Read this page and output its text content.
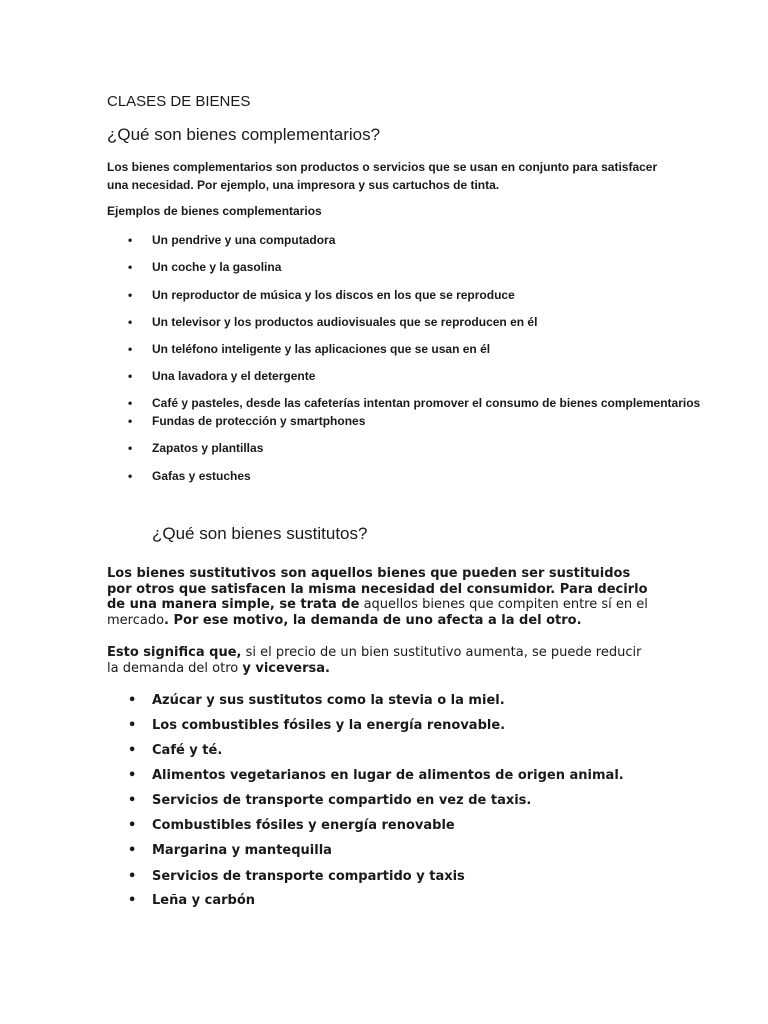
CLASES DE BIENES
¿Qué son bienes complementarios?
Los bienes complementarios son productos o servicios que se usan en conjunto para satisfacer una necesidad. Por ejemplo, una impresora y sus cartuchos de tinta.
Ejemplos de bienes complementarios
•	Un pendrive y una computadora
•	Un coche y la gasolina
•	Un reproductor de música y los discos en los que se reproduce
•	Un televisor y los productos audiovisuales que se reproducen en él
•	Un teléfono inteligente y las aplicaciones que se usan en él
•	Una lavadora y el detergente
•	Café y pasteles, desde las cafeterías intentan promover el consumo de bienes complementarios
•	Fundas de protección y smartphones
•	Zapatos y plantillas
•	Gafas y estuches
¿Qué son bienes sustitutos?
Los bienes sustitutivos son aquellos bienes que pueden ser sustituidos por otros que satisfacen la misma necesidad del consumidor. Para decirlo de una manera simple, se trata de aquellos bienes que compiten entre sí en el mercado. Por ese motivo, la demanda de uno afecta a la del otro.
Esto significa que, si el precio de un bien sustitutivo aumenta, se puede reducir la demanda del otro y viceversa.
• Azúcar y sus sustitutos como la stevia o la miel.
• Los combustibles fósiles y la energía renovable.
• Café y té.
• Alimentos vegetarianos en lugar de alimentos de origen animal.
• Servicios de transporte compartido en vez de taxis.
• Combustibles fósiles y energía renovable
• Margarina y mantequilla
• Servicios de transporte compartido y taxis
• Leña y carbón
